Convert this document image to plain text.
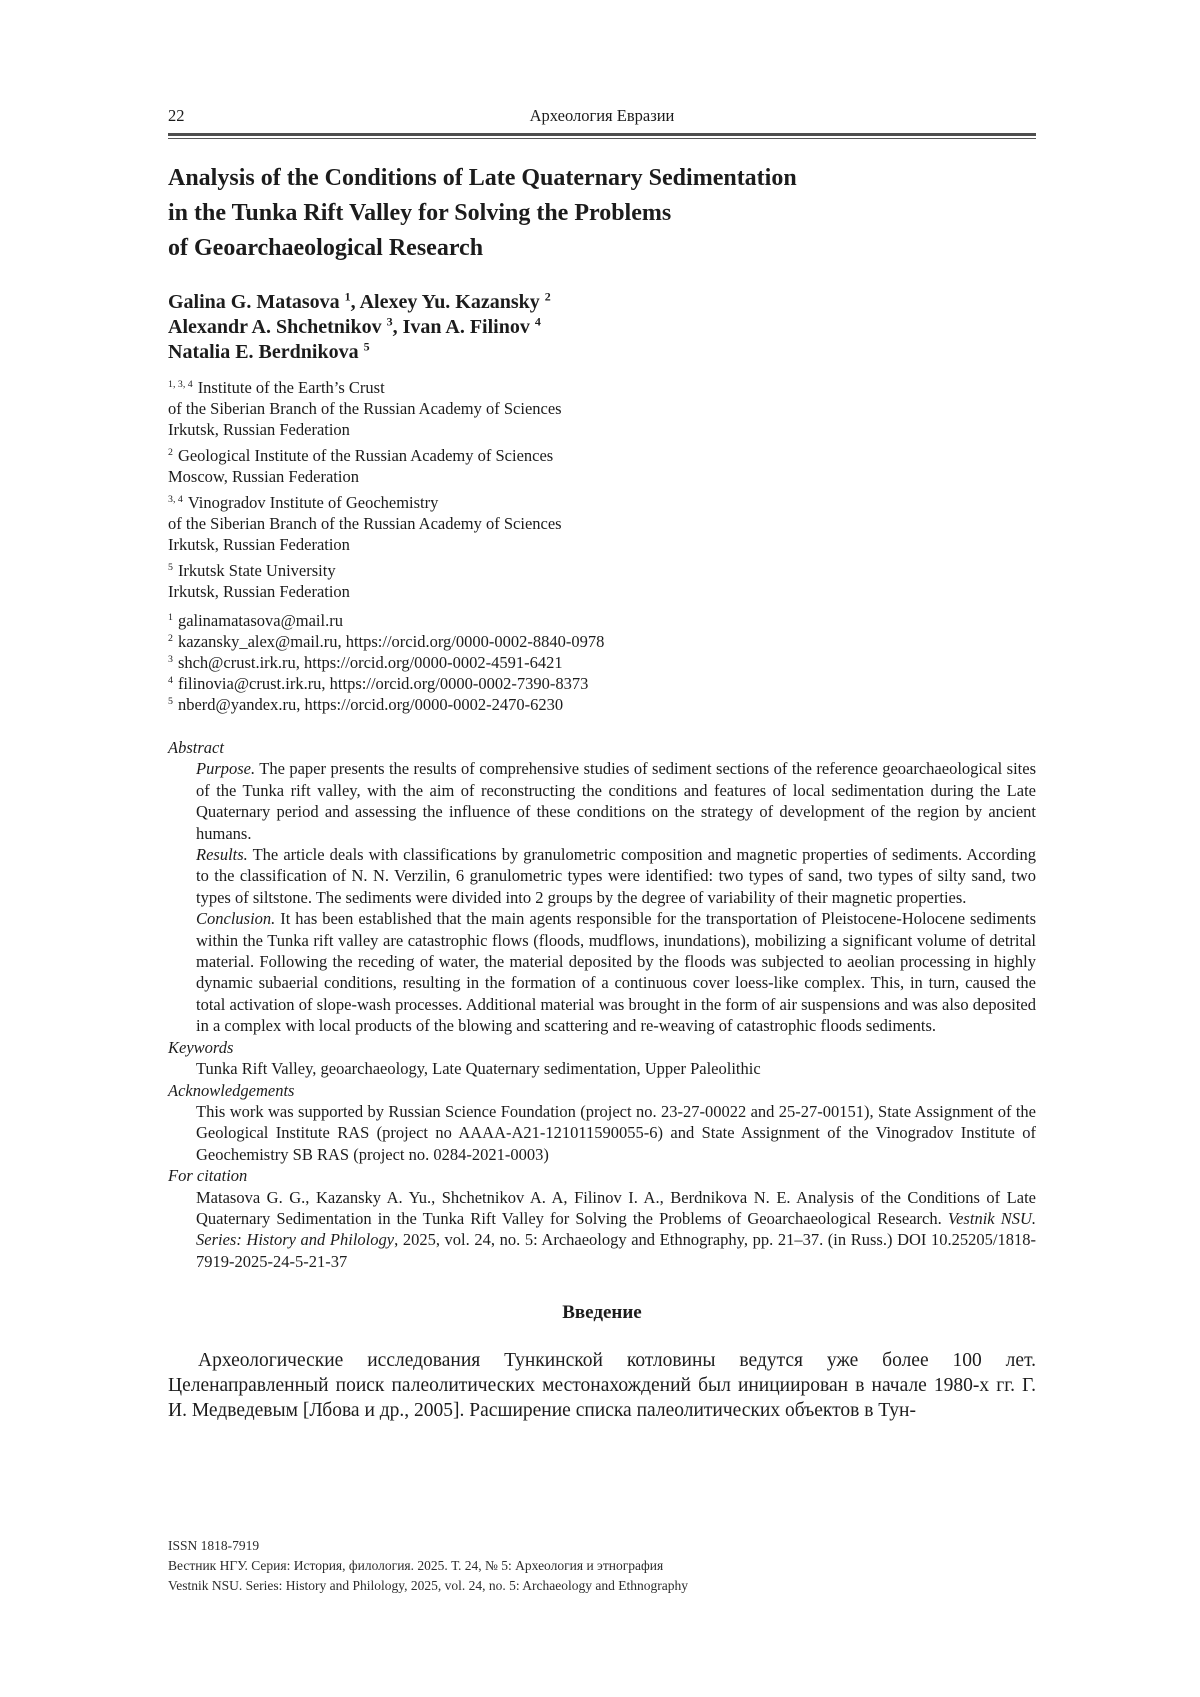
22	Археология Евразии
Analysis of the Conditions of Late Quaternary Sedimentation
in the Tunka Rift Valley for Solving the Problems
of Geoarchaeological Research
Galina G. Matasova $^1$, Alexey Yu. Kazansky $^2$
Alexandr A. Shchetnikov $^3$, Ivan A. Filinov $^4$
Natalia E. Berdnikova $^5$

$^{1, 3, 4}$ Institute of the Earth’s Crust
of the Siberian Branch of the Russian Academy of Sciences
Irkutsk, Russian Federation

$^2$ Geological Institute of the Russian Academy of Sciences
Moscow, Russian Federation

$^{3, 4}$ Vinogradov Institute of Geochemistry
of the Siberian Branch of the Russian Academy of Sciences
Irkutsk, Russian Federation

$^5$ Irkutsk State University
Irkutsk, Russian Federation

$^1$ galinamatasova@mail.ru
$^2$ kazansky_alex@mail.ru, https://orcid.org/0000-0002-8840-0978
$^3$ shch@crust.irk.ru, https://orcid.org/0000-0002-4591-6421
$^4$ filinovia@crust.irk.ru, https://orcid.org/0000-0002-7390-8373
$^5$ nberd@yandex.ru, https://orcid.org/0000-0002-2470-6230

Abstract

Purpose. The paper presents the results of comprehensive studies of sediment sections of the reference geoarchaeological sites of the Tunka rift valley, with the aim of reconstructing the conditions and features of local sedimentation during the Late Quaternary period and assessing the influence of these conditions on the strategy of development of the region by ancient humans.

Results. The article deals with classifications by granulometric composition and magnetic properties of sediments. According to the classification of N. N. Verzilin, 6 granulometric types were identified: two types of sand, two types of silty sand, two types of siltstone. The sediments were divided into 2 groups by the degree of variability of their magnetic properties.

Conclusion. It has been established that the main agents responsible for the transportation of Pleistocene-Holocene sediments within the Tunka rift valley are catastrophic flows (floods, mudflows, inundations), mobilizing a significant volume of detrital material. Following the receding of water, the material deposited by the floods was subjected to aeolian processing in highly dynamic subaerial conditions, resulting in the formation of a continuous cover loess-like complex. This, in turn, caused the total activation of slope-wash processes. Additional material was brought in the form of air suspensions and was also deposited in a complex with local products of the blowing and scattering and re-weaving of catastrophic floods sediments.

Keywords

Tunka Rift Valley, geoarchaeology, Late Quaternary sedimentation, Upper Paleolithic

Acknowledgements

This work was supported by Russian Science Foundation (project no. 23-27-00022 and 25-27-00151), State Assignment of the Geological Institute RAS (project no AAAA-A21-121011590055-6) and State Assignment of the Vinogradov Institute of Geochemistry SB RAS (project no. 0284-2021-0003)

For citation

Matasova G. G., Kazansky A. Yu., Shchetnikov A. A, Filinov I. A., Berdnikova N. E. Analysis of the Conditions of Late Quaternary Sedimentation in the Tunka Rift Valley for Solving the Problems of Geoarchaeological Research. Vestnik NSU. Series: History and Philology, 2025, vol. 24, no. 5: Archaeology and Ethnography, pp. 21–37. (in Russ.) DOI 10.25205/1818-7919-2025-24-5-21-37

Введение

Археологические исследования Тункинской котловины ведутся уже более 100 лет. Целенаправленный поиск палеолитических местонахождений был инициирован в начале 1980-х гг. Г. И. Медведевым [Лбова и др., 2005]. Расширение списка палеолитических объектов в Тун-

ISSN 1818-7919
Вестник НГУ. Серия: История, филология. 2025. Т. 24, № 5: Археология и этнография
Vestnik NSU. Series: History and Philology, 2025, vol. 24, no. 5: Archaeology and Ethnography
